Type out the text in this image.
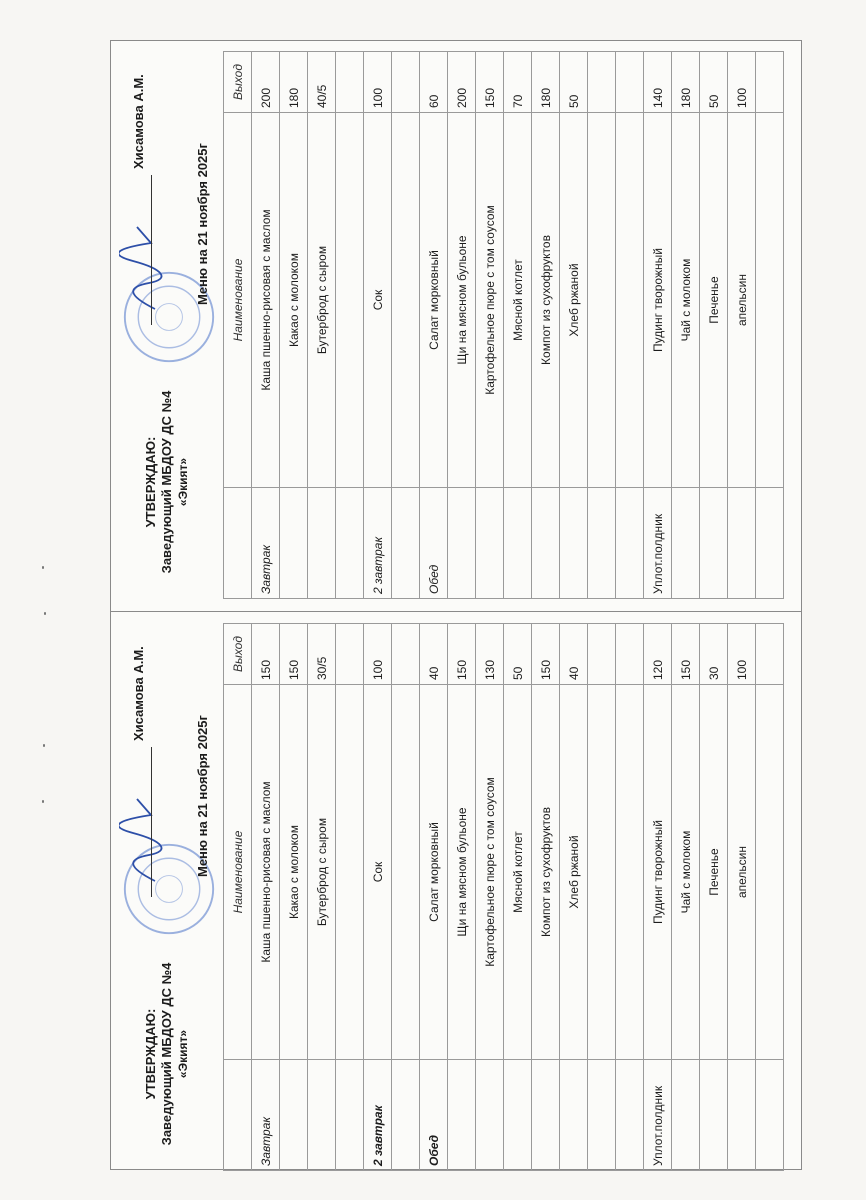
УТВЕРЖДАЮ: Заведующий МБДОУ ДС №4 «Экият»
Хисамова А.М.
Меню на 21 ноября 2025г
	Наименование	Выход
Завтрак	Каша пшенно-рисовая с маслом	200
	Какао с молоком	180
	Бутерброд с сыром	40/5

2 завтрак	Сок	100

Обед	Салат морковный	60
	Щи на мясном бульоне	200
	Картофельное пюре с том соусом	150
	Мясной котлет	70
	Компот из сухофруктов	180
	Хлеб ржаной	50

Уплот.полдник	Пудинг творожный	140
	Чай с молоком	180
	Печенье	50
	апельсин	100

УТВЕРЖДАЮ: Заведующий МБДОУ ДС №4 «Экият»
Хисамова А.М.
Меню на 21 ноября 2025г
	Наименование	Выход
Завтрак	Каша пшенно-рисовая с маслом	150
	Какао с молоком	150
	Бутерброд с сыром	30/5

2 завтрак	Сок	100

Обед	Салат морковный	40
	Щи на мясном бульоне	150
	Картофельное пюре с том соусом	130
	Мясной котлет	50
	Компот из сухофруктов	150
	Хлеб ржаной	40

Уплот.полдник	Пудинг творожный	120
	Чай с молоком	150
	Печенье	30
	апельсин	100
